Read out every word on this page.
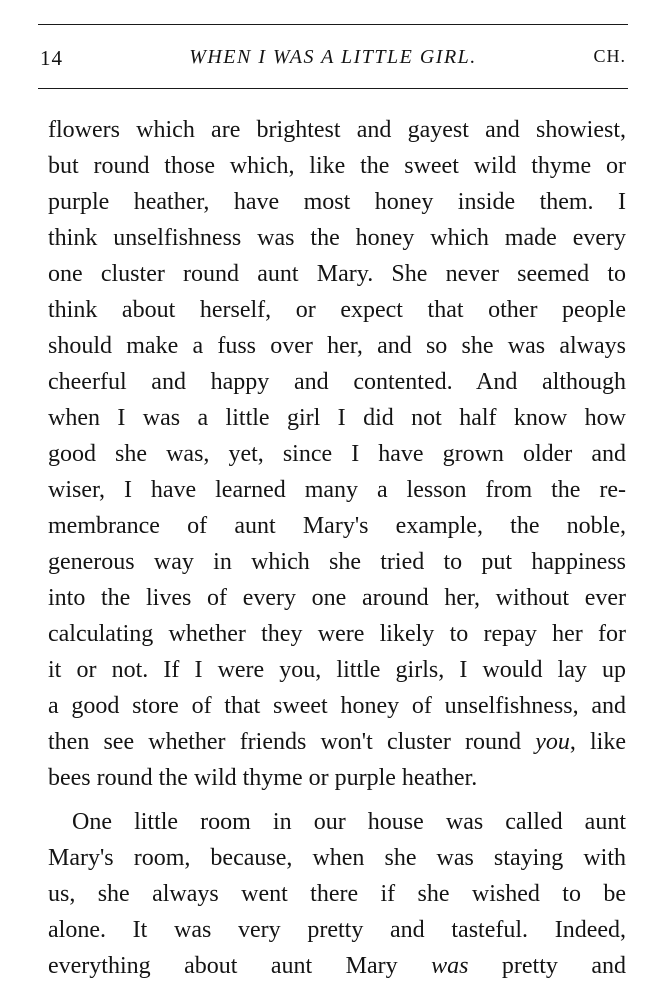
14	WHEN I WAS A LITTLE GIRL.	CH.
flowers which are brightest and gayest and showiest,
but round those which, like the sweet wild thyme or
purple heather, have most honey inside them. I
think unselfishness was the honey which made every
one cluster round aunt Mary. She never seemed to
think about herself, or expect that other people
should make a fuss over her, and so she was always
cheerful and happy and contented. And although
when I was a little girl I did not half know how
good she was, yet, since I have grown older and
wiser, I have learned many a lesson from the re-
membrance of aunt Mary's example, the noble,
generous way in which she tried to put happiness
into the lives of every one around her, without ever
calculating whether they were likely to repay her for
it or not. If I were you, little girls, I would lay up
a good store of that sweet honey of unselfishness, and
then see whether friends won't cluster round you, like
bees round the wild thyme or purple heather.
One little room in our house was called aunt
Mary's room, because, when she was staying with
us, she always went there if she wished to be
alone. It was very pretty and tasteful. Indeed,
everything about aunt Mary was pretty and
